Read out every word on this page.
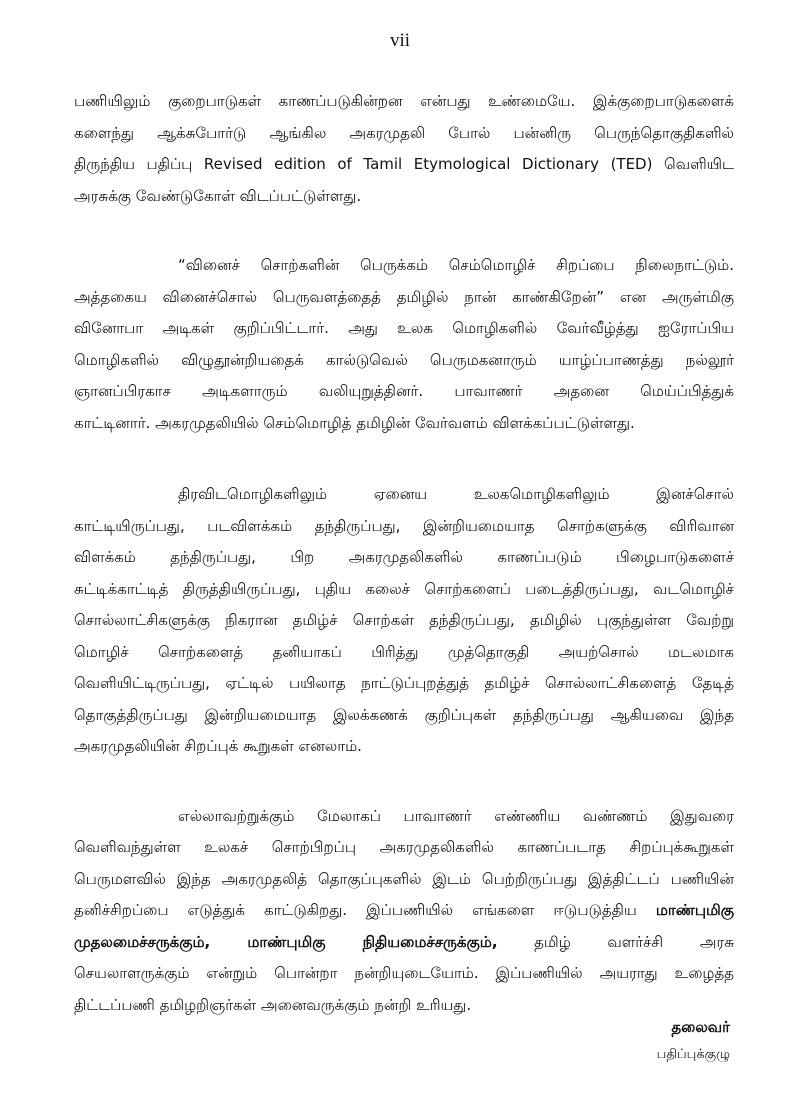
vii
பணியிலும் குறைபாடுகள் காணப்படுகின்றன என்பது உண்மையே. இக்குறைபாடுகளைக்
களைந்து ஆக்சுபோர்டு ஆங்கில அகரமுதலி போல் பன்னிரு பெருந்தொகுதிகளில்
திருந்திய பதிப்பு Revised edition of Tamil Etymological Dictionary (TED) வெளியிட
அரசுக்கு வேண்டுகோள் விடப்பட்டுள்ளது.
“வினைச் சொற்களின் பெருக்கம் செம்மொழிச் சிறப்பை நிலைநாட்டும்.
அத்தகைய வினைச்சொல் பெருவளத்தைத் தமிழில் நான் காண்கிறேன்” என அருள்மிகு
வினோபா அடிகள் குறிப்பிட்டார். அது உலக மொழிகளில் வேர்வீழ்த்து ஐரோப்பிய
மொழிகளில் விழுதூன்றியதைக் கால்டுவெல் பெருமகனாரும் யாழ்ப்பாணத்து நல்லூர்
ஞானப்பிரகாச அடிகளாரும் வலியுறுத்தினர். பாவாணர் அதனை மெய்ப்பித்துக்
காட்டினார். அகரமுதலியில் செம்மொழித் தமிழின் வேர்வளம் விளக்கப்பட்டுள்ளது.
திரவிடமொழிகளிலும் ஏனைய உலகமொழிகளிலும் இனச்சொல்
காட்டியிருப்பது, படவிளக்கம் தந்திருப்பது, இன்றியமையாத சொற்களுக்கு விரிவான
விளக்கம் தந்திருப்பது, பிற அகரமுதலிகளில் காணப்படும் பிழைபாடுகளைச்
சுட்டிக்காட்டித் திருத்தியிருப்பது, புதிய கலைச் சொற்களைப் படைத்திருப்பது, வடமொழிச்
சொல்லாட்சிகளுக்கு நிகரான தமிழ்ச் சொற்கள் தந்திருப்பது, தமிழில் புகுந்துள்ள வேற்று
மொழிச் சொற்களைத் தனியாகப் பிரித்து முத்தொகுதி அயற்சொல் மடலமாக
வெளியிட்டிருப்பது, ஏட்டில் பயிலாத நாட்டுப்புறத்துத் தமிழ்ச் சொல்லாட்சிகளைத் தேடித்
தொகுத்திருப்பது இன்றியமையாத இலக்கணக் குறிப்புகள் தந்திருப்பது ஆகியவை இந்த
அகரமுதலியின் சிறப்புக் கூறுகள் எனலாம்.
எல்லாவற்றுக்கும் மேலாகப் பாவாணர் எண்ணிய வண்ணம் இதுவரை
வெளிவந்துள்ள உலகச் சொற்பிறப்பு அகரமுதலிகளில் காணப்படாத சிறப்புக்கூறுகள்
பெருமளவில் இந்த அகரமுதலித் தொகுப்புகளில் இடம் பெற்றிருப்பது இத்திட்டப் பணியின்
தனிச்சிறப்பை எடுத்துக் காட்டுகிறது. இப்பணியில் எங்களை ஈடுபடுத்திய மாண்புமிகு
முதலமைச்சருக்கும், மாண்புமிகு நிதியமைச்சருக்கும், தமிழ் வளர்ச்சி அரசு
செயலாளருக்கும் என்றும் பொன்றா நன்றியுடையோம். இப்பணியில் அயராது உழைத்த
திட்டப்பணி தமிழறிஞர்கள் அனைவருக்கும் நன்றி உரியது.
தலைவர்
பதிப்புக்குழு
